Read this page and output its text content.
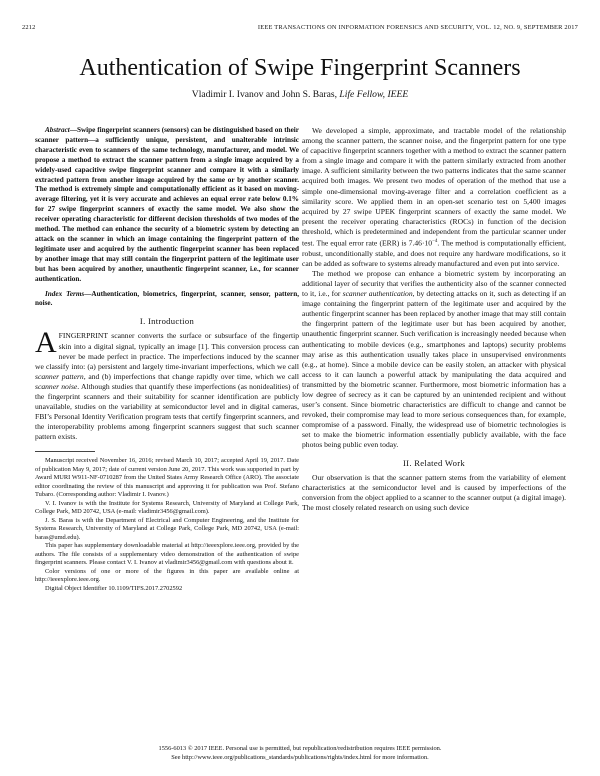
2212	IEEE TRANSACTIONS ON INFORMATION FORENSICS AND SECURITY, VOL. 12, NO. 9, SEPTEMBER 2017
Authentication of Swipe Fingerprint Scanners
Vladimir I. Ivanov and John S. Baras, Life Fellow, IEEE

Abstract—Swipe fingerprint scanners (sensors) can be distinguished based on their scanner pattern—a sufficiently unique, persistent, and unalterable intrinsic characteristic even to scanners of the same technology, manufacturer, and model. We propose a method to extract the scanner pattern from a single image acquired by a widely-used capacitive swipe fingerprint scanner and compare it with a similarly extracted pattern from another image acquired by the same or by another scanner. The method is extremely simple and computationally efficient as it based on moving-average filtering, yet it is very accurate and achieves an equal error rate below 0.1% for 27 swipe fingerprint scanners of exactly the same model. We also show the receiver operating characteristic for different decision thresholds of two modes of the method. The method can enhance the security of a biometric system by detecting an attack on the scanner in which an image containing the fingerprint pattern of the legitimate user and acquired by the authentic fingerprint scanner has been replaced by another image that may still contain the fingerprint pattern of the legitimate user but has been acquired by another, unauthentic fingerprint scanner, i.e., for scanner authentication.

Index Terms—Authentication, biometrics, fingerprint, scanner, sensor, pattern, noise.

I. Introduction

AFINGERPRINT scanner converts the surface or subsurface of the fingertip skin into a digital signal, typically an image [1]. This conversion process can never be made perfect in practice. The imperfections induced by the scanner we classify into: (a) persistent and largely time-invariant imperfections, which we call scanner pattern, and (b) imperfections that change rapidly over time, which we call scanner noise. Although studies that quantify these imperfections (as nonidealities) of the fingerprint scanners and their suitability for scanner identification are publicly unavailable, studies on the variability at semiconductor level and in digital cameras, FBI’s Personal Identity Verification program tests that certify fingerprint scanners, and the interoperability problems among fingerprint scanners suggest that such scanner pattern exists.

Manuscript received November 16, 2016; revised March 10, 2017; accepted April 19, 2017. Date of publication May 9, 2017; date of current version June 20, 2017. This work was supported in part by Award MURI W911-NF-0710287 from the United States Army Research Office (ARO). The associate editor coordinating the review of this manuscript and approving it for publication was Prof. Stefano Tubaro. (Corresponding author: Vladimir I. Ivanov.)

V. I. Ivanov is with the Institute for Systems Research, University of Maryland at College Park, College Park, MD 20742, USA (e-mail: vladimir3456@gmail.com).

J. S. Baras is with the Department of Electrical and Computer Engineering, and the Institute for Systems Research, University of Maryland at College Park, College Park, MD 20742, USA (e-mail: baras@umd.edu).

This paper has supplementary downloadable material at http://ieeexplore.ieee.org, provided by the authors. The file consists of a supplementary video demonstration of the authentication of swipe fingerprint scanners. Please contact V. I. Ivanov at vladimir3456@gmail.com with questions about it.

Color versions of one or more of the figures in this paper are available online at http://ieeexplore.ieee.org.

Digital Object Identifier 10.1109/TIFS.2017.2702592

We developed a simple, approximate, and tractable model of the relationship among the scanner pattern, the scanner noise, and the fingerprint pattern for one type of capacitive fingerprint scanners together with a method to extract the scanner pattern from a single image and compare it with the pattern similarly extracted from another image. A sufficient similarity between the two patterns indicates that the same scanner acquired both images. We present two modes of operation of the method that use a simple one-dimensional moving-average filter and a correlation coefficient as a similarity score. We applied them in an open-set scenario test on 5,400 images acquired by 27 swipe UPEK fingerprint scanners of exactly the same model. We present the receiver operating characteristics (ROCs) in function of the decision threshold, which is predetermined and independent from the particular scanner under test. The equal error rate (ERR) is $7.46\cdot 10^{-4}$. The method is computationally efficient, robust, unconditionally stable, and does not require any hardware modifications, so it can be added as software to systems already manufactured and even put into service.

The method we propose can enhance a biometric system by incorporating an additional layer of security that verifies the authenticity also of the scanner connected to it, i.e., for scanner authentication, by detecting attacks on it, such as detecting if an image containing the fingerprint pattern of the legitimate user and acquired by the authentic fingerprint scanner has been replaced by another image that may still contain the fingerprint pattern of the legitimate user but has been acquired by another, unauthentic fingerprint scanner. Such verification is increasingly needed because when authenticating to mobile devices (e.g., smartphones and laptops) security problems may arise as this authentication usually takes place in unsupervised environments (e.g., at home). Since a mobile device can be easily stolen, an attacker with physical access to it can launch a powerful attack by manipulating the data acquired and transmitted by the biometric scanner. Furthermore, most biometric information has a low degree of secrecy as it can be captured by an unintended recipient and without user’s consent. Since biometric characteristics are difficult to change and cannot be revoked, their compromise may lead to more serious consequences than, for example, compromise of a password. Finally, the widespread use of biometric technologies is set to make the biometric information essentially publicly available, with the face photos being public even today.

II. Related Work

Our observation is that the scanner pattern stems from the variability of element characteristics at the semiconductor level and is caused by imperfections of the conversion from the object applied to a scanner to the scanner output (a digital image). The most closely related research on using such device

1556-6013 © 2017 IEEE. Personal use is permitted, but republication/redistribution requires IEEE permission.
See http://www.ieee.org/publications_standards/publications/rights/index.html for more information.
